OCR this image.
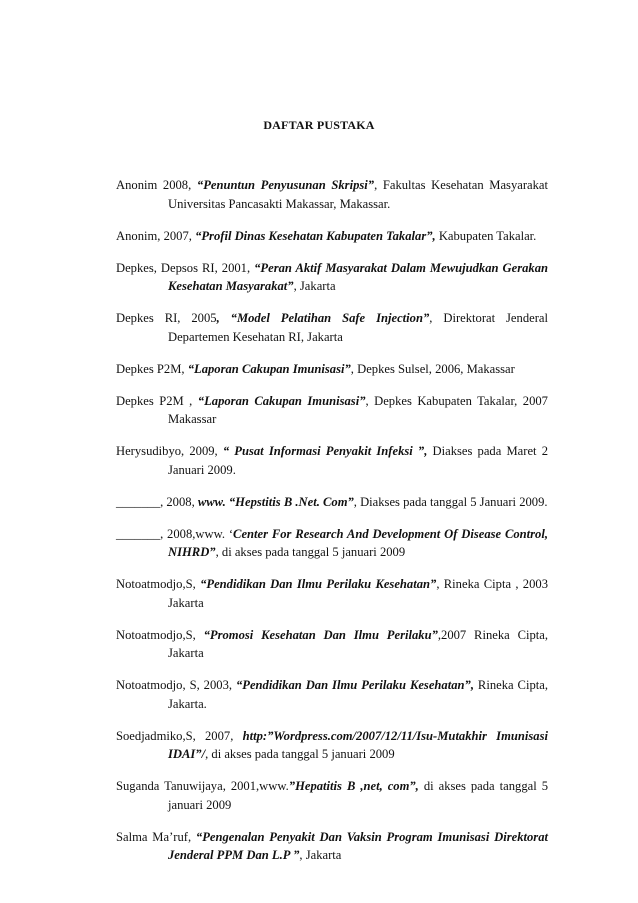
DAFTAR PUSTAKA
Anonim 2008, “Penuntun Penyusunan Skripsi”, Fakultas Kesehatan Masyarakat Universitas Pancasakti Makassar, Makassar.
Anonim, 2007, “Profil Dinas Kesehatan Kabupaten Takalar”, Kabupaten Takalar.
Depkes, Depsos RI, 2001, “Peran Aktif Masyarakat Dalam Mewujudkan Gerakan Kesehatan Masyarakat”, Jakarta
Depkes RI, 2005, “Model Pelatihan Safe Injection”, Direktorat Jenderal Departemen Kesehatan RI, Jakarta
Depkes P2M, “Laporan Cakupan Imunisasi”, Depkes Sulsel, 2006, Makassar
Depkes P2M , “Laporan Cakupan Imunisasi”, Depkes Kabupaten Takalar, 2007 Makassar
Herysudibyo, 2009, “ Pusat Informasi Penyakit Infeksi ”, Diakses pada Maret 2 Januari 2009.
_______, 2008, www. “Hepstitis B .Net. Com”, Diakses pada tanggal 5 Januari 2009.
_______, 2008,www. ‘Center For Research And Development Of Disease Control, NIHRD”, di akses pada tanggal 5 januari 2009
Notoatmodjo,S, “Pendidikan Dan Ilmu Perilaku Kesehatan”, Rineka Cipta , 2003 Jakarta
Notoatmodjo,S, “Promosi Kesehatan Dan Ilmu Perilaku”,2007 Rineka Cipta, Jakarta
Notoatmodjo, S, 2003, “Pendidikan Dan Ilmu Perilaku Kesehatan”, Rineka Cipta, Jakarta.
Soedjadmiko,S, 2007, http:”Wordpress.com/2007/12/11/Isu-Mutakhir Imunisasi IDAI”/, di akses pada tanggal 5 januari 2009
Suganda Tanuwijaya, 2001,www.”Hepatitis B ,net, com”, di akses pada tanggal 5 januari 2009
Salma Ma’ruf, “Pengenalan Penyakit Dan Vaksin Program Imunisasi Direktorat Jenderal PPM Dan L.P ”, Jakarta
